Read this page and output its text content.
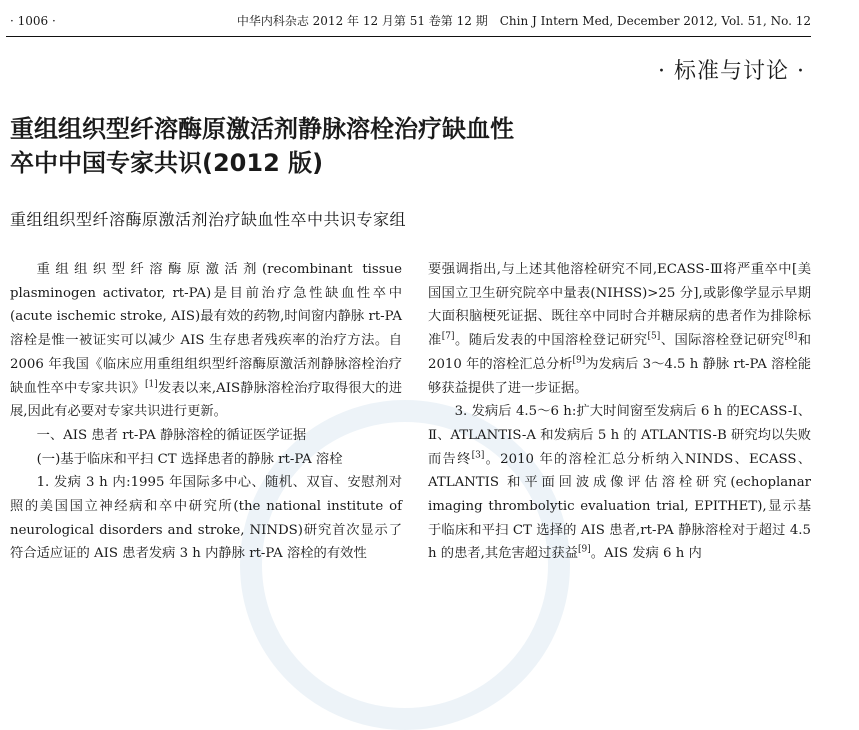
· 1006 ·	中华内科杂志 2012 年 12 月第 51 卷第 12 期　Chin J Intern Med, December 2012, Vol. 51, No. 12
· 标准与讨论 ·
重组组织型纤溶酶原激活剂静脉溶栓治疗缺血性
卒中中国专家共识(2012 版)
重组组织型纤溶酶原激活剂治疗缺血性卒中共识专家组

重组组织型纤溶酶原激活剂(recombinant tissue plasminogen activator, rt-PA)是目前治疗急性缺血性卒中(acute ischemic stroke, AIS)最有效的药物,时间窗内静脉 rt-PA溶栓是惟一被证实可以减少 AIS 生存患者残疾率的治疗方法。自 2006 年我国《临床应用重组组织型纤溶酶原激活剂静脉溶栓治疗缺血性卒中专家共识》[1]发表以来,AIS静脉溶栓治疗取得很大的进展,因此有必要对专家共识进行更新。

一、AIS 患者 rt-PA 静脉溶栓的循证医学证据

(一)基于临床和平扫 CT 选择患者的静脉 rt-PA 溶栓

1. 发病 3 h 内:1995 年国际多中心、随机、双盲、安慰剂对照的美国国立神经病和卒中研究所(the national institute of neurological disorders and stroke, NINDS)研究首次显示了符合适应证的 AIS 患者发病 3 h 内静脉 rt-PA 溶栓的有效性

要强调指出,与上述其他溶栓研究不同,ECASS-Ⅲ将严重卒中[美国国立卫生研究院卒中量表(NIHSS)>25 分],或影像学显示早期大面积脑梗死证据、既往卒中同时合并糖尿病的患者作为排除标准[7]。随后发表的中国溶栓登记研究[5]、国际溶栓登记研究[8]和 2010 年的溶栓汇总分析[9]为发病后 3～4.5 h 静脉 rt-PA 溶栓能够获益提供了进一步证据。

3. 发病后 4.5～6 h:扩大时间窗至发病后 6 h 的ECASS-Ⅰ、Ⅱ、ATLANTIS-A 和发病后 5 h 的 ATLANTIS-B 研究均以失败而告终[3]。2010 年的溶栓汇总分析纳入NINDS、ECASS、ATLANTIS 和平面回波成像评估溶栓研究(echoplanar imaging thrombolytic evaluation trial, EPITHET),显示基于临床和平扫 CT 选择的 AIS 患者,rt-PA 静脉溶栓对于超过 4.5 h 的患者,其危害超过获益[9]。AIS 发病 6 h 内
